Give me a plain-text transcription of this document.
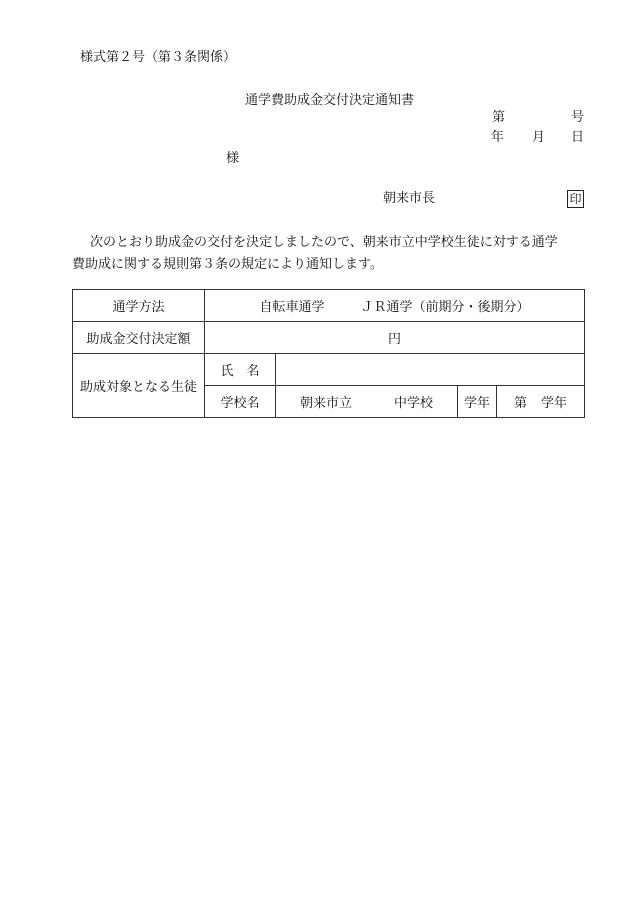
様式第２号（第３条関係）
通学費助成金交付決定通知書
第	号
年 月 日
様
朝来市長	印

次のとおり助成金の交付を決定しましたので、朝来市立中学校生徒に対する通学

費助成に関する規則第３条の規定により通知します。

通学方法	自転車通学 ＪＲ通学（前期分・後期分）			
助成金交付決定額	円			
助成対象となる生徒	氏　名			
	学校名	朝来市立 中学校	学年	第 学年
